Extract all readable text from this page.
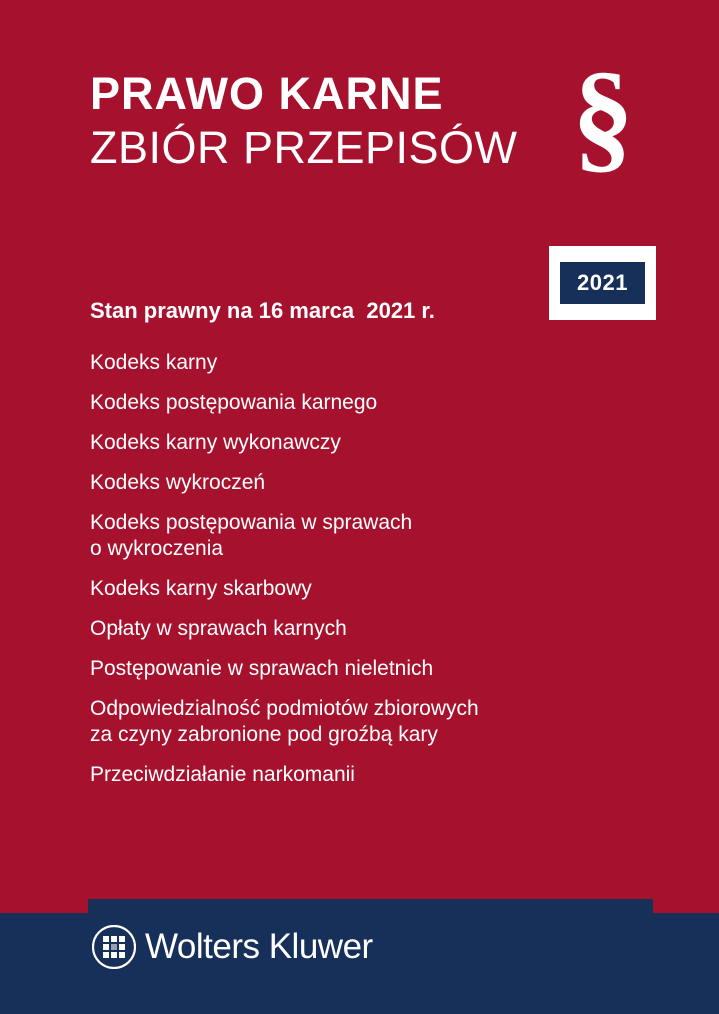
PRAWO KARNE
ZBIÓR PRZEPISÓW §
2021

Stan prawny na 16 marca  2021 r.

Kodeks karny
Kodeks postępowania karnego
Kodeks karny wykonawczy
Kodeks wykroczeń
Kodeks postępowania w sprawach
o wykroczenia
Kodeks karny skarbowy
Opłaty w sprawach karnych
Postępowanie w sprawach nieletnich
Odpowiedzialność podmiotów zbiorowych
za czyny zabronione pod groźbą kary
Przeciwdziałanie narkomanii
Wolters Kluwer
